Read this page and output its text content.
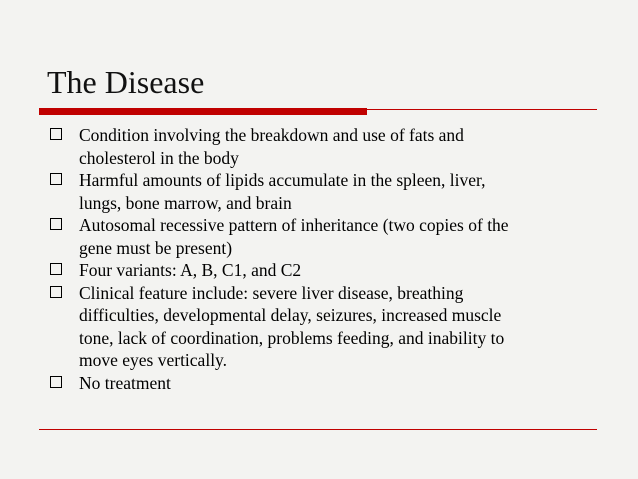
The Disease
Condition involving the breakdown and use of fats and
cholesterol in the body
Harmful amounts of lipids accumulate in the spleen, liver,
lungs, bone marrow, and brain
Autosomal recessive pattern of inheritance (two copies of the
gene must be present)
Four variants: A, B, C1, and C2
Clinical feature include: severe liver disease, breathing
difficulties, developmental delay, seizures, increased muscle
tone, lack of coordination, problems feeding, and inability to
move eyes vertically.
No treatment
